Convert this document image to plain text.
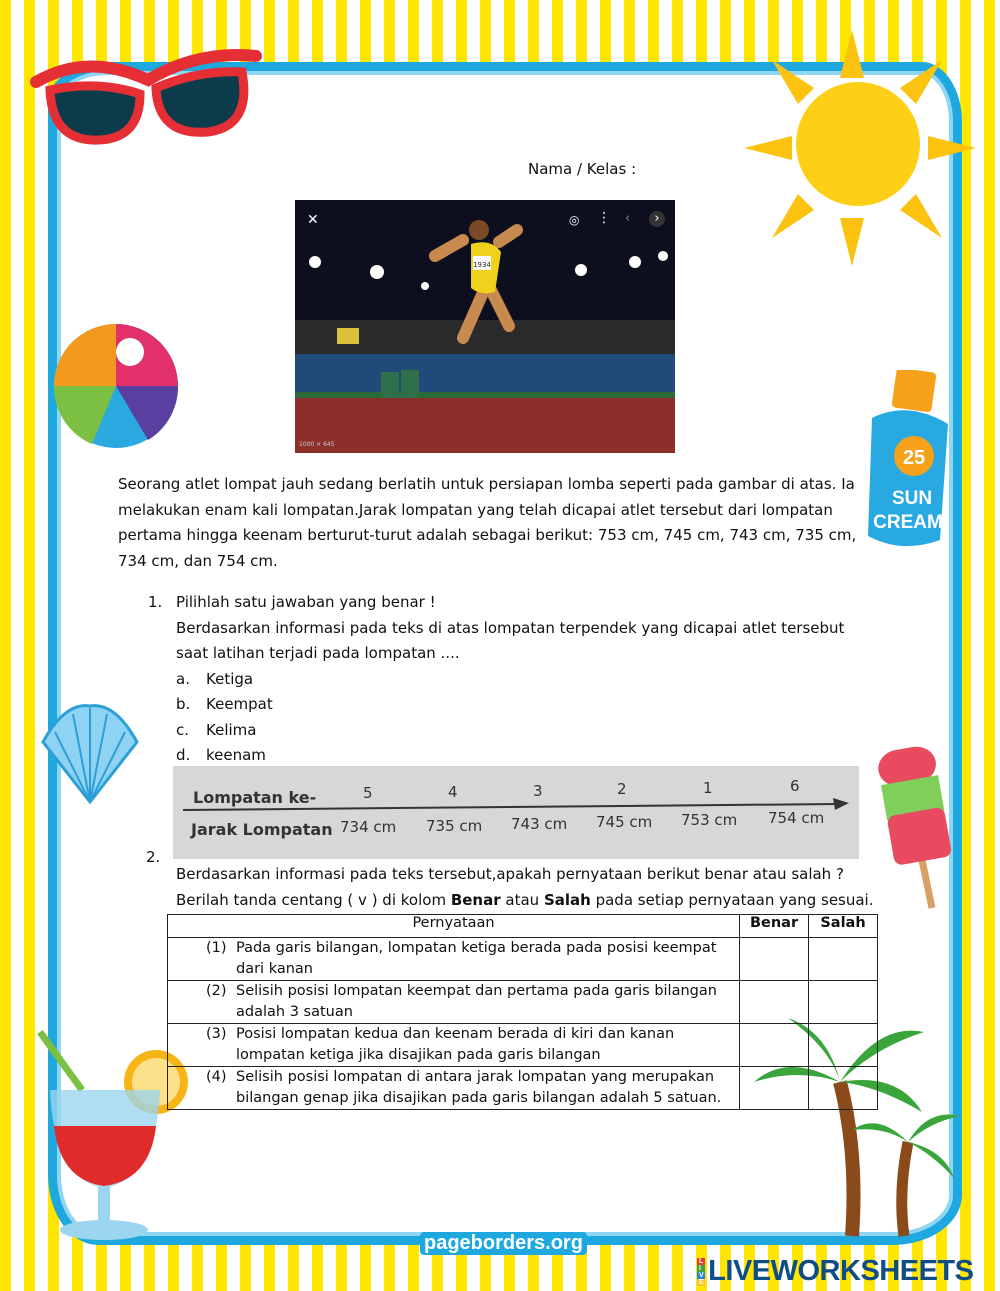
25
SUN
CREAM
pageborders.org
L
I
V
E LIVEWORKSHEETS
Nama / Kelas :
1934
1000 × 645
✕	◎ ⋮ ‹	›
Seorang atlet lompat jauh sedang berlatih untuk persiapan lomba seperti pada gambar di atas. Ia melakukan enam kali lompatan.Jarak lompatan yang telah dicapai atlet tersebut dari lompatan pertama hingga keenam berturut-turut adalah sebagai berikut: 753 cm, 745 cm, 743 cm, 735 cm, 734 cm, dan 754 cm.
1. Pilihlah satu jawaban yang benar !
Berdasarkan informasi pada teks di atas lompatan terpendek yang dicapai atlet tersebut saat latihan terjadi pada lompatan ....
a. Ketiga
b. Keempat
c. Kelima
d. keenam
Lompatan ke-
Jarak Lompatan
5	4	3	2	1	6
734 cm 735 cm 743 cm 745 cm 753 cm 754 cm
2.
Berdasarkan informasi pada teks tersebut,apakah pernyataan berikut benar atau salah ?Berilah tanda centang ( v ) di kolom Benar atau Salah pada setiap pernyataan yang sesuai.
Pernyataan	Benar	Salah

(1) Pada garis bilangan, lompatan ketiga berada pada posisi keempat dari kanan		

(2) Selisih posisi lompatan keempat dan pertama pada garis bilangan adalah 3 satuan		

(3) Posisi lompatan kedua dan keenam berada di kiri dan kanan lompatan ketiga jika disajikan pada garis bilangan		

(4) Selisih posisi lompatan di antara jarak lompatan yang merupakan bilangan genap jika disajikan pada garis bilangan adalah 5 satuan.		
